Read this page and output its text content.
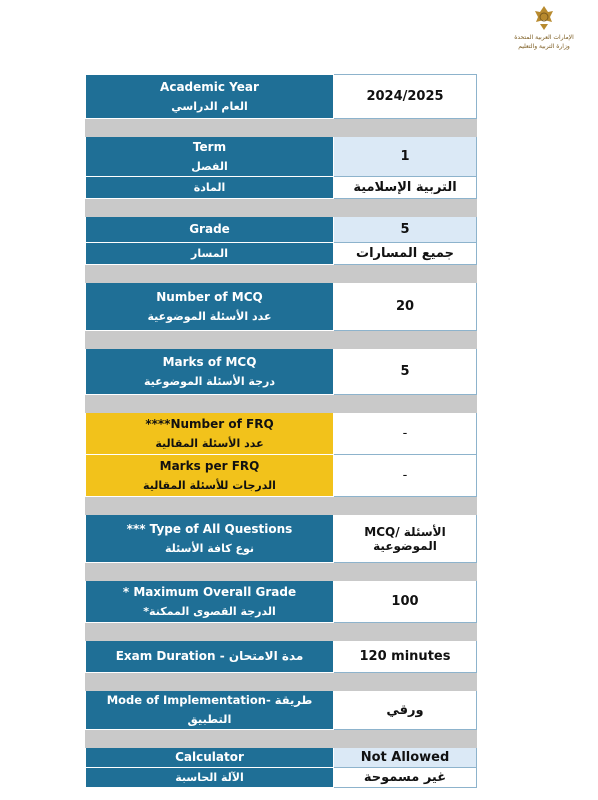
الإمارات العربية المتحدة
وزارة التربية والتعليم
Academic Year
العام الدراسي	2024/2025

Term
الفصل	1
المادة	التربية الإسلامية

Grade	5
المسار	جميع المسارات

Number of MCQ
عدد الأسئلة الموضوعية	20

Marks of MCQ
درجة الأسئلة الموضوعية	5

****Number of FRQ
عدد الأسئلة المقالية	-

Marks per FRQ
الدرجات للأسئلة المقالية	-

*** Type of All Questions
نوع كافة الأسئلة	MCQ/ الأسئلة الموضوعية

* Maximum Overall Grade
*الدرجة القصوى الممكنة	100

Exam Duration - مدة الامتحان	120 minutes

Mode of Implementation- طريقة التطبيق	ورقي

Calculator	Not Allowed
الآلة الحاسبة	غير مسموحة
